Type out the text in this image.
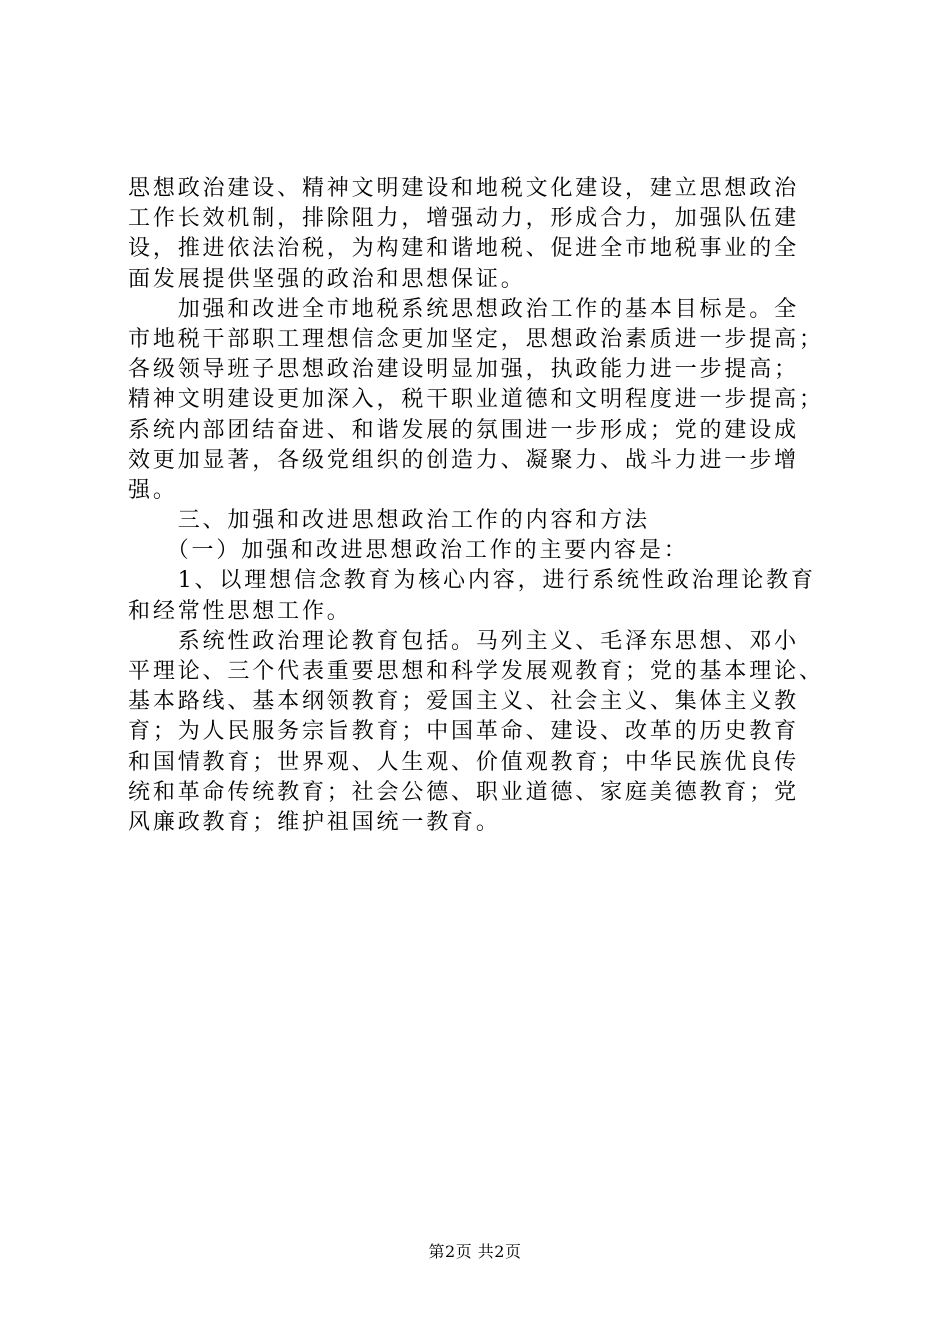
思想政治建设、精神文明建设和地税文化建设，建立思想政治
工作长效机制，排除阻力，增强动力，形成合力，加强队伍建
设，推进依法治税，为构建和谐地税、促进全市地税事业的全
面发展提供坚强的政治和思想保证。
　　加强和改进全市地税系统思想政治工作的基本目标是。全
市地税干部职工理想信念更加坚定，思想政治素质进一步提高；
各级领导班子思想政治建设明显加强，执政能力进一步提高；
精神文明建设更加深入，税干职业道德和文明程度进一步提高；
系统内部团结奋进、和谐发展的氛围进一步形成；党的建设成
效更加显著，各级党组织的创造力、凝聚力、战斗力进一步增
强。
　　三、加强和改进思想政治工作的内容和方法
　　（一）加强和改进思想政治工作的主要内容是：
　　1、以理想信念教育为核心内容，进行系统性政治理论教育
和经常性思想工作。
　　系统性政治理论教育包括。马列主义、毛泽东思想、邓小
平理论、三个代表重要思想和科学发展观教育；党的基本理论、
基本路线、基本纲领教育；爱国主义、社会主义、集体主义教
育；为人民服务宗旨教育；中国革命、建设、改革的历史教育
和国情教育；世界观、人生观、价值观教育；中华民族优良传
统和革命传统教育；社会公德、职业道德、家庭美德教育；党
风廉政教育；维护祖国统一教育。
第2页 共2页
